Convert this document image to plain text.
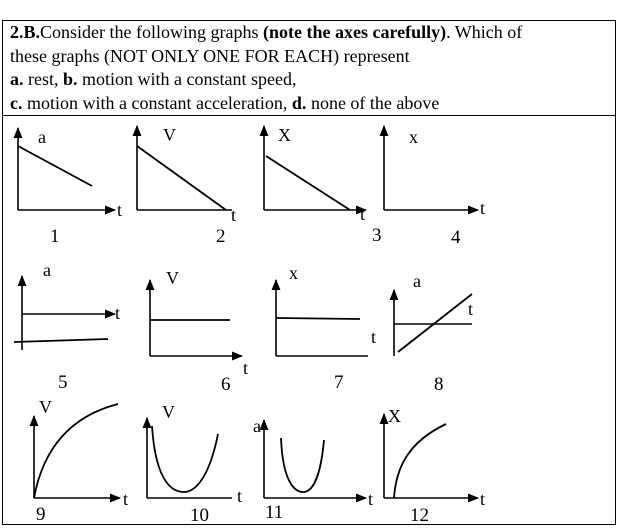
2.B.Consider the following graphs (note the axes carefully). Which of
these graphs (NOT ONLY ONE FOR EACH) represent
a. rest, b. motion with a constant speed,
c. motion with a constant acceleration, d. none of the above
a
t
1
V
t
2
X
t
3
x
t
4
a
t
5
V
t
6
x
7
a
t
t
8
V
t
9
V
t
10
a
t
11
X
t
12
